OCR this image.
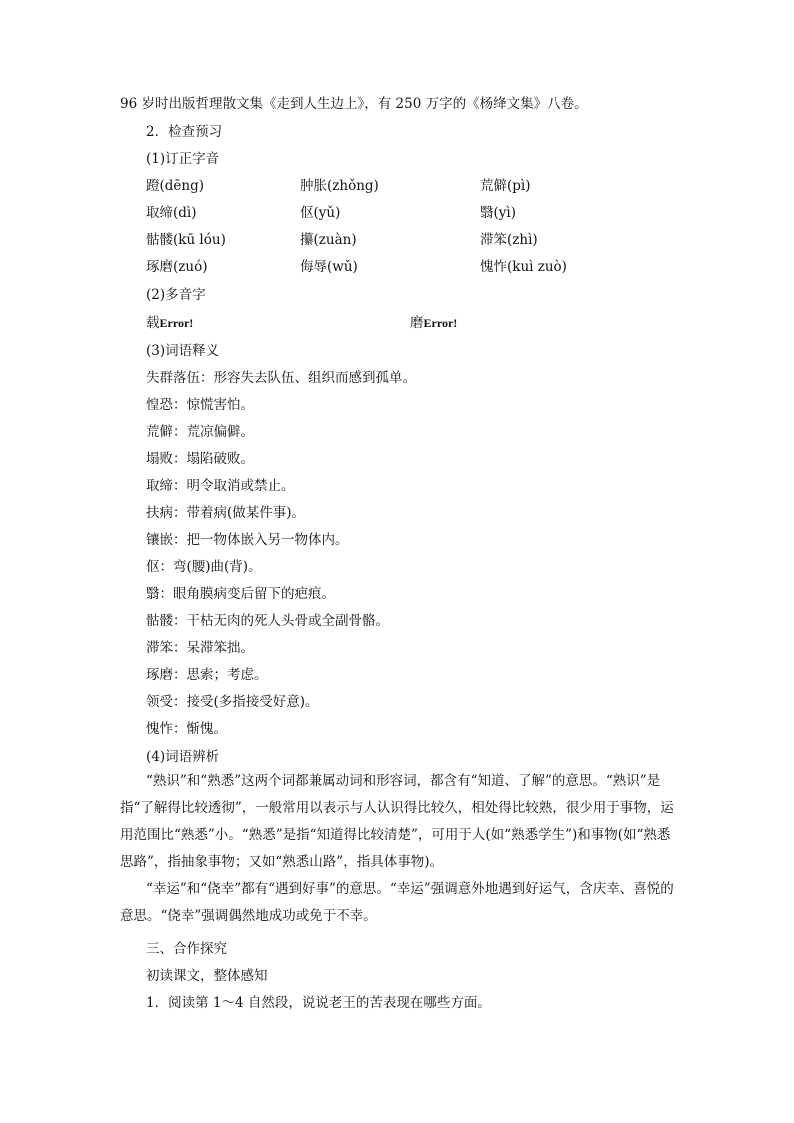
96 岁时出版哲理散文集《走到人生边上》，有 250 万字的《杨绛文集》八卷。
2．检查预习
(1)订正字音
蹬(dēng)	肿胀(zhǒng)	荒僻(pì)
取缔(dì)	伛(yǔ)	翳(yì)
骷髅(kū lóu)	攥(zuàn)	滞笨(zhì)
琢磨(zuó)	侮辱(wǔ)	愧怍(kuì zuò)
(2)多音字
载Error!	磨Error!
(3)词语释义
失群落伍：形容失去队伍、组织而感到孤单。
惶恐：惊慌害怕。
荒僻：荒凉偏僻。
塌败：塌陷破败。
取缔：明令取消或禁止。
扶病：带着病(做某件事)。
镶嵌：把一物体嵌入另一物体内。
伛：弯(腰)曲(背)。
翳：眼角膜病变后留下的疤痕。
骷髅：干枯无肉的死人头骨或全副骨骼。
滞笨：呆滞笨拙。
琢磨：思索；考虑。
领受：接受(多指接受好意)。
愧怍：惭愧。
(4)词语辨析
“熟识”和“熟悉”这两个词都兼属动词和形容词，都含有“知道、了解”的意思。“熟识”是指“了解得比较透彻”，一般常用以表示与人认识得比较久，相处得比较熟，很少用于事物，运用范围比“熟悉”小。“熟悉”是指“知道得比较清楚”，可用于人(如“熟悉学生”)和事物(如“熟悉思路”，指抽象事物；又如“熟悉山路”，指具体事物)。
“幸运”和“侥幸”都有“遇到好事”的意思。“幸运”强调意外地遇到好运气，含庆幸、喜悦的意思。“侥幸”强调偶然地成功或免于不幸。
三、合作探究
初读课文，整体感知
1．阅读第 1～4 自然段，说说老王的苦表现在哪些方面。
